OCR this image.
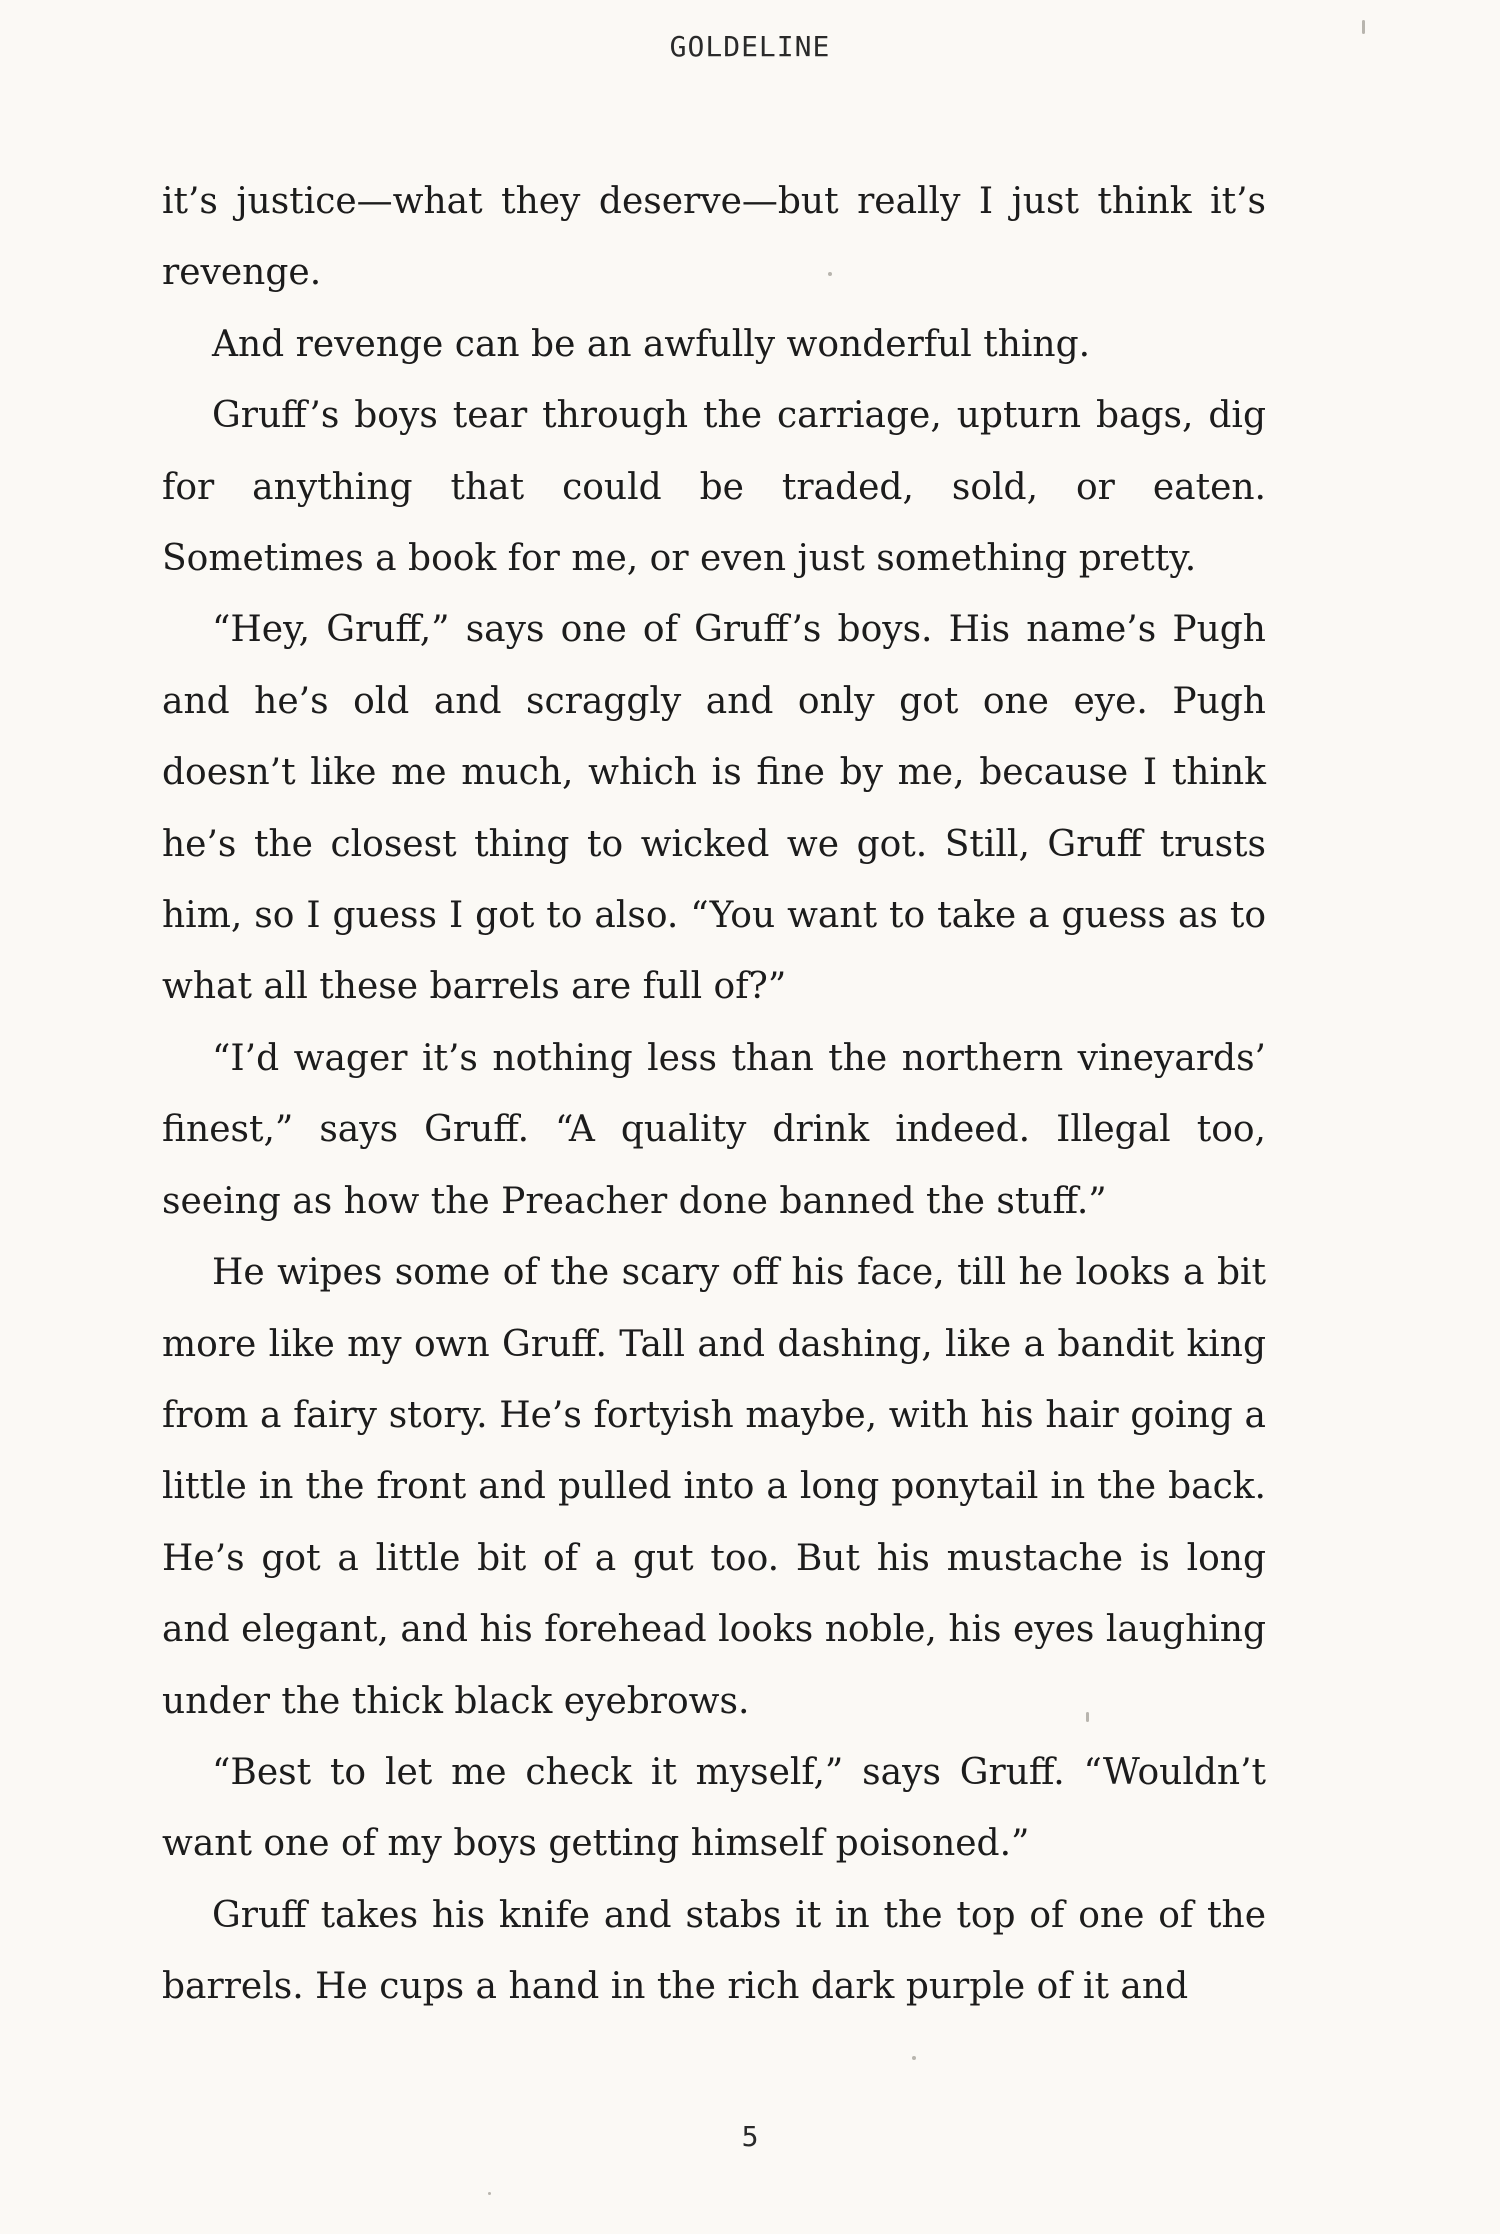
GOLDELINE

it’s justice—what they deserve—but really I just think it’s revenge.

And revenge can be an awfully wonderful thing.

Gruff’s boys tear through the carriage, upturn bags, dig for anything that could be traded, sold, or eaten. Sometimes a book for me, or even just something pretty.

“Hey, Gruff,” says one of Gruff’s boys. His name’s Pugh and he’s old and scraggly and only got one eye. Pugh doesn’t like me much, which is fine by me, because I think he’s the closest thing to wicked we got. Still, Gruff trusts him, so I guess I got to also. “You want to take a guess as to what all these barrels are full of?”

“I’d wager it’s nothing less than the northern vineyards’ finest,” says Gruff. “A quality drink indeed. Illegal too, seeing as how the Preacher done banned the stuff.”

He wipes some of the scary off his face, till he looks a bit more like my own Gruff. Tall and dashing, like a bandit king from a fairy story. He’s fortyish maybe, with his hair going a little in the front and pulled into a long ponytail in the back. He’s got a little bit of a gut too. But his mustache is long and elegant, and his forehead looks noble, his eyes laughing under the thick black eyebrows.

“Best to let me check it myself,” says Gruff. “Wouldn’t want one of my boys getting himself poisoned.”

Gruff takes his knife and stabs it in the top of one of the barrels. He cups a hand in the rich dark purple of it and

5
